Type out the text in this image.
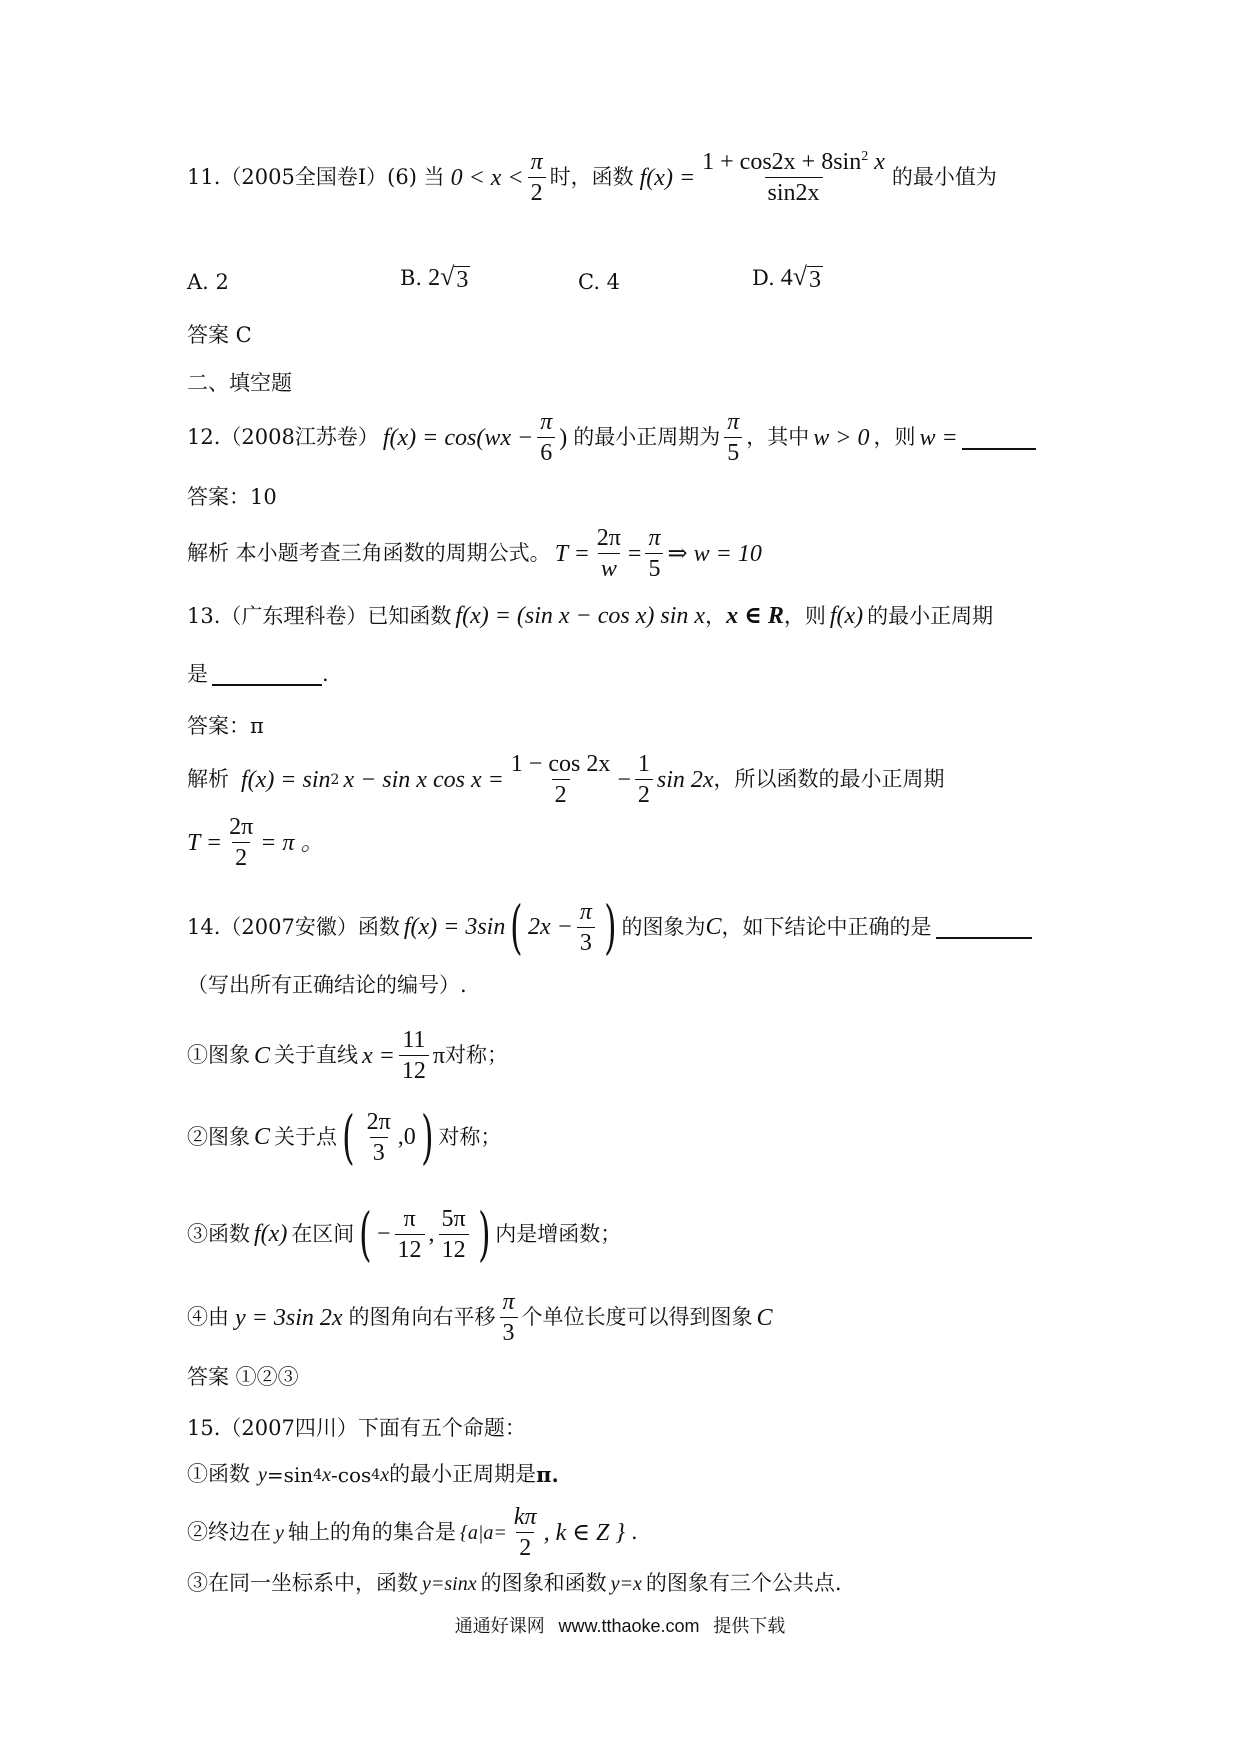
11.（2005全国卷Ⅰ）(6) 当 $0 < x < \frac{\pi}{2}$ 时，函数 $f(x) = \frac{1 + \cos 2x + 8\sin^2 x}{\sin 2x}$ 的最小值为
A. 2	B. 2 √ 3	C. 4	D. 4 √ 3
答案 C
二、填空题
12.（2008江苏卷） $f(x) = \cos(wx - \frac{\pi}{6}$ ) 的最小正周期为 $\frac{\pi}{5}$ ，其中 w > 0 ，则 w =
答案：10
解析 本小题考查三角函数的周期公式。 $T = \frac{2\pi}{w} = \frac{\pi}{5}$ ⇒ w = 10
13.（广东理科卷）已知函数 f(x) = (sin x − cos x) sin x ， x ∈ R ，则 f(x) 的最小正周期
是	.
答案：π
解析 f(x) = sin 2 x − sin x $\cos x = \frac{1 - \cos 2x}{2} - \frac{1}{2}$ sin 2x ，所以函数的最小正周期
$T = \frac{2\pi}{2} = \pi$ 。
14.（2007安徽）函数 f(x) = 3sin ( $2x - \frac{\pi}{3}$ ) 的图象为 C ，如下结论中正确的是
（写出所有正确结论的编号）.
①图象 C 关于直线 $x = \frac{11}{12}$ π 对称；
②图象 C 关于点 ( $\frac{2\pi}{3} ,0$ ) 对称；
③函数 f(x) 在区间 ( − $\frac{\pi}{12}$ , $\frac{5\pi}{12}$ ) 内是增函数；
④由 y = 3sin 2x 的图角向右平移 $\frac{\pi}{3}$ 个单位长度可以得到图象 C
答案 ①②③
15.（2007四川）下面有五个命题：
①函数 y =sin 4 x -cos 4 x 的最小正周期是 π.
②终边在 y 轴上的角的集合是 {$a|a= \frac{k\pi}{2}$ , k ∈ Z } .
③在同一坐标系中，函数 y=sinx 的图象和函数 y=x 的图象有三个公共点.
通通好课网 www.tthaoke.com 提供下载
